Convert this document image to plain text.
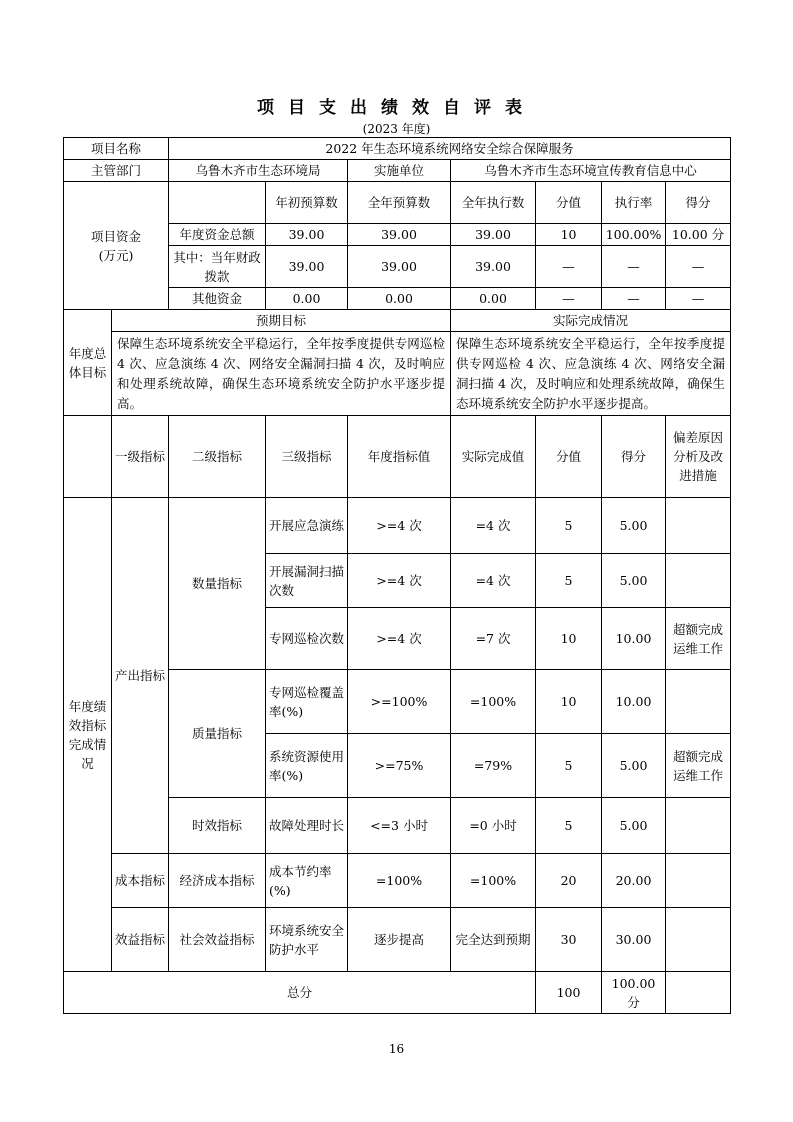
项目支出绩效自评表
(2023 年度)
项目名称		2022 年生态环境系统网络安全综合保障服务						
主管部门		乌鲁木齐市生态环境局		实施单位	乌鲁木齐市生态环境宣传教育信息中心			
项目资金
(万元)			年初预算数	全年预算数	全年执行数	分值	执行率	得分
		年度资金总额	39.00	39.00	39.00	10	100.00%	10.00 分
		其中：当年财政拨款	39.00	39.00	39.00	—	—	—
		其他资金	0.00	0.00	0.00	—	—	—
年度总体目标	预期目标				实际完成情况			
	保障生态环境系统安全平稳运行，全年按季度提供专网巡检 4 次、应急演练 4 次、网络安全漏洞扫描 4 次，及时响应和处理系统故障，确保生态环境系统安全防护水平逐步提高。				保障生态环境系统安全平稳运行，全年按季度提供专网巡检 4 次、应急演练 4 次、网络安全漏洞扫描 4 次，及时响应和处理系统故障，确保生态环境系统安全防护水平逐步提高。			
	一级指标	二级指标	三级指标	年度指标值	实际完成值	分值	得分	偏差原因分析及改进措施
年度绩效指标完成情况	产出指标	数量指标	开展应急演练	>=4 次	=4 次	5	5.00	
			开展漏洞扫描次数	>=4 次	=4 次	5	5.00	
			专网巡检次数	>=4 次	=7 次	10	10.00	超额完成运维工作
		质量指标	专网巡检覆盖率(%)	>=100%	=100%	10	10.00	
			系统资源使用率(%)	>=75%	=79%	5	5.00	超额完成运维工作
		时效指标	故障处理时长	<=3 小时	=0 小时	5	5.00	
	成本指标	经济成本指标	成本节约率(%)	=100%	=100%	20	20.00	
	效益指标	社会效益指标	环境系统安全防护水平	逐步提高	完全达到预期	30	30.00	
总分						100	100.00 分	
16
